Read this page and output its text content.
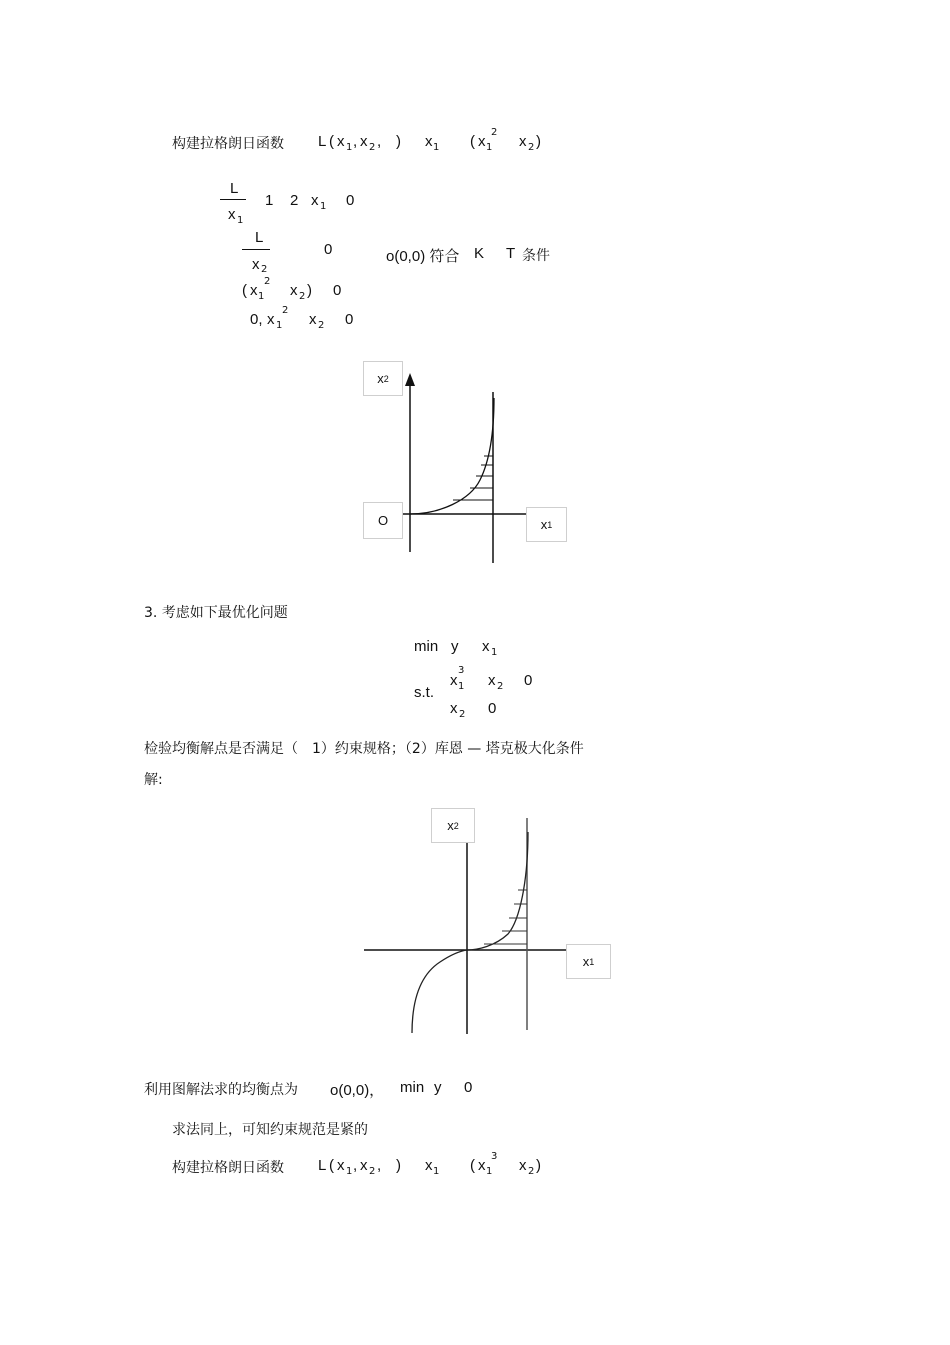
构建拉格朗日函数 L ( x 1 , x 2 , ) x 1 ( x 1
2
x 2 )
L
x 1
1 2 x 1 0
L
x 2
0	o(0,0) 符合 K T 条件
( x 1
2
x 2 ) 0
0, x 1
2
x 2 0
x 2
O	x 1
3. 考虑如下最优化问题
min y x 1
s.t.
x 1
3
x 2 0
x 2 0
检验均衡解点是否满足（　1）约束规格；（2）库恩 — 塔克极大化条件
解:
x 2
x 1
利用图解法求的均衡点为 o(0,0)， min y 0
求法同上，可知约束规范是紧的
构建拉格朗日函数 L ( x 1 , x 2 , ) x 1 ( x 1
3
x 2 )
